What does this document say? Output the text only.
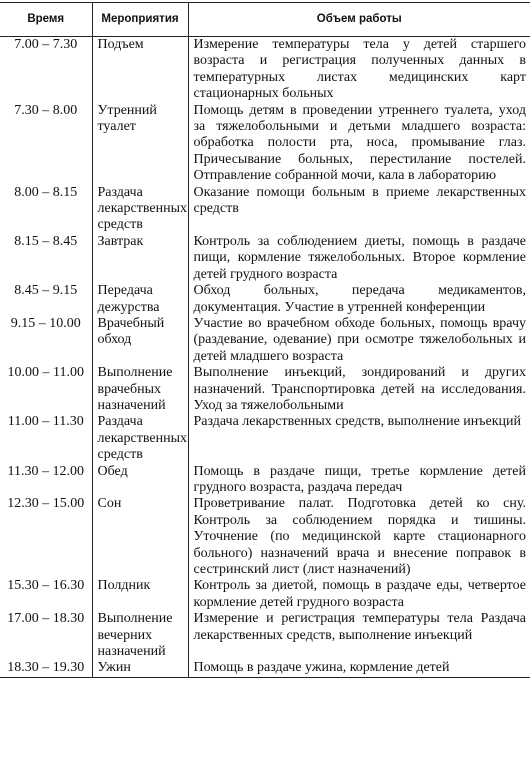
Время	Мероприятия	Объем работы
7.00 – 7.30	Подъем	Измерение температуры тела у детей старшего возраста и регистрация полученных данных в температурных листах медицинских карт стационарных больных
7.30 – 8.00	Утренний туалет	Помощь детям в проведении утреннего туалета, уход за тяжелобольными и детьми младшего возраста: обработка полости рта, носа, промывание глаз. Причесывание больных, перестилание постелей. Отправление собранной мочи, кала в лабораторию
8.00 – 8.15	Раздача лекарственных средств	Оказание помощи больным в приеме лекарственных средств
8.15 – 8.45	Завтрак	Контроль за соблюдением диеты, помощь в раздаче пищи, кормление тяжелобольных. Второе кормление детей грудного возраста
8.45 – 9.15	Передача дежурства	Обход больных, передача медикаментов, документация. Участие в утренней конференции
9.15 – 10.00	Врачебный обход	Участие во врачебном обходе больных, помощь врачу (раздевание, одевание) при осмотре тяжелобольных и детей младшего возраста
10.00 – 11.00	Выполнение врачебных назначений	Выполнение инъекций, зондирований и других назначений. Транспортировка детей на исследования. Уход за тяжелобольными
11.00 – 11.30	Раздача лекарственных средств	Раздача лекарственных средств, выполнение инъекций
11.30 – 12.00	Обед	Помощь в раздаче пищи, третье кормление детей грудного возраста, раздача передач
12.30 – 15.00	Сон	Проветривание палат. Подготовка детей ко сну. Контроль за соблюдением порядка и тишины. Уточнение (по медицинской карте стационарного больного) назначений врача и внесение поправок в сестринский лист (лист назначений)
15.30 – 16.30	Полдник	Контроль за диетой, помощь в раздаче еды, четвертое кормление детей грудного возраста
17.00 – 18.30	Выполнение вечерних назначений	Измерение и регистрация температуры тела Раздача лекарственных средств, выполнение инъекций
18.30 – 19.30	Ужин	Помощь в раздаче ужина, кормление детей
